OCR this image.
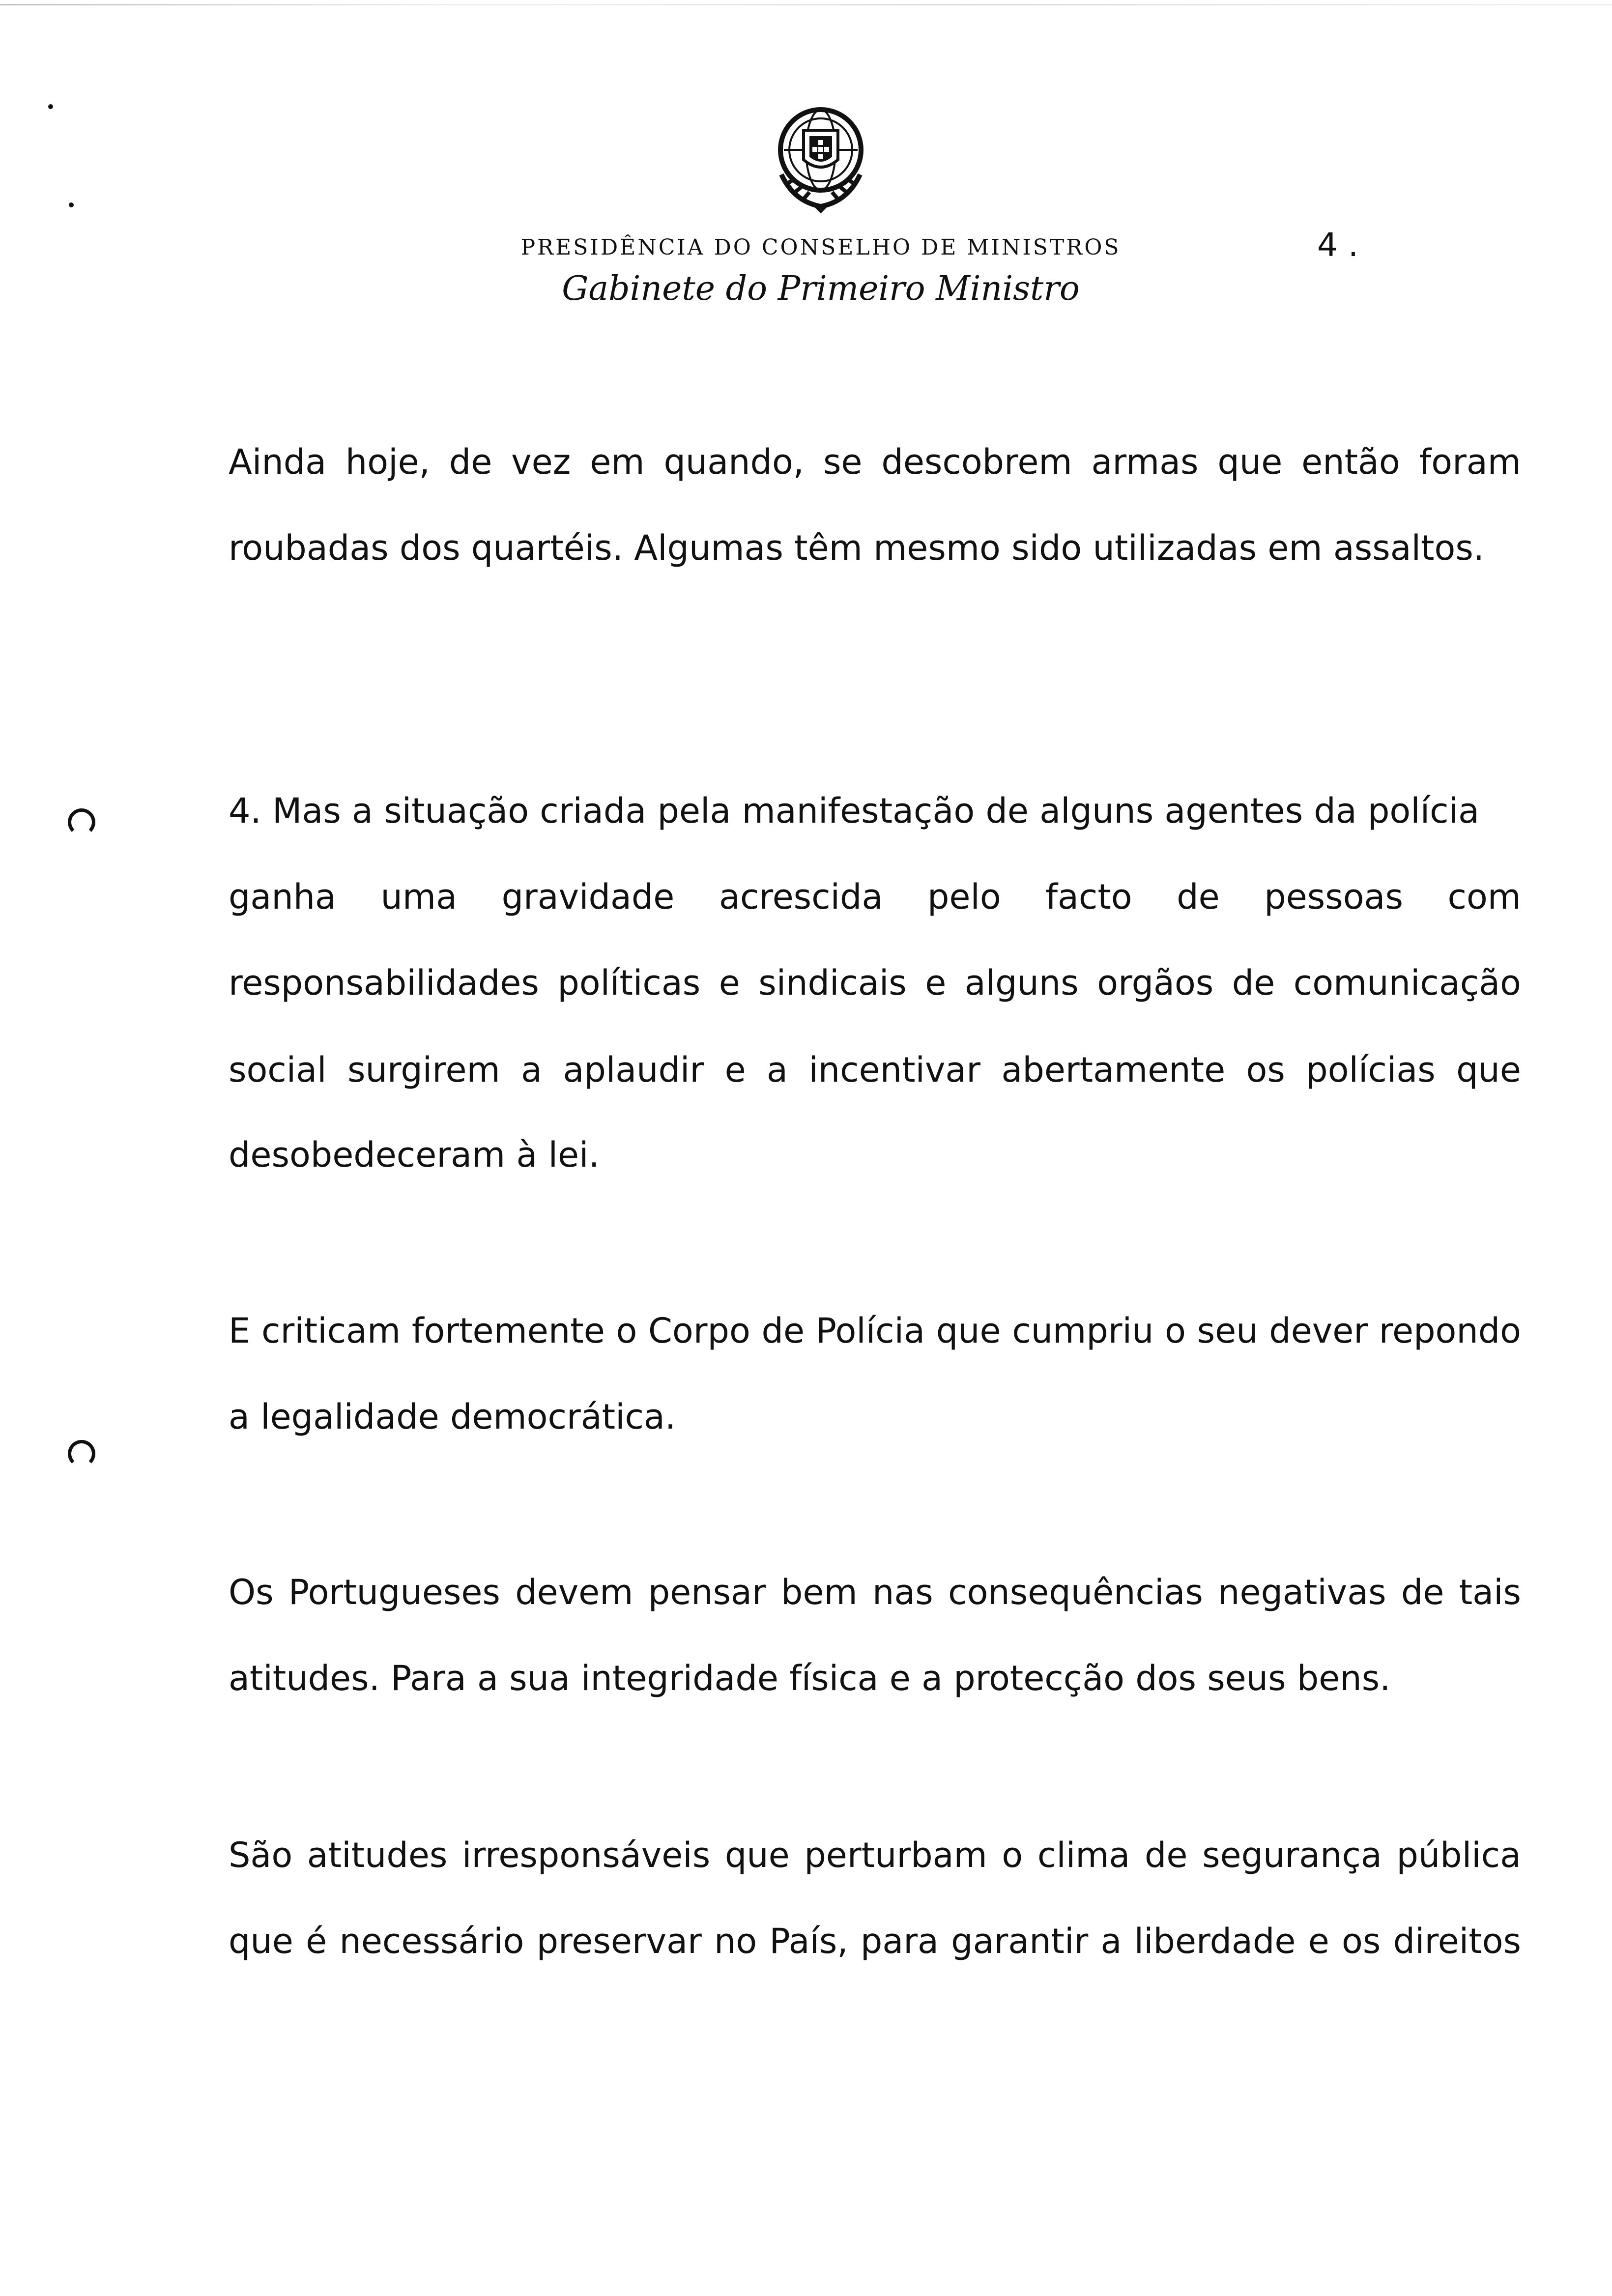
PRESIDÊNCIA DO CONSELHO DE MINISTROS	4 .
Gabinete do Primeiro Ministro
Ainda hoje, de vez em quando, se descobrem armas que então foram
roubadas dos quartéis. Algumas têm mesmo sido utilizadas em assaltos.
4. Mas a situação criada pela manifestação de alguns agentes da polícia
ganha uma gravidade acrescida pelo facto de pessoas com
responsabilidades políticas e sindicais e alguns orgãos de comunicação
social surgirem a aplaudir e a incentivar abertamente os polícias que
desobedeceram à lei.
E criticam fortemente o Corpo de Polícia que cumpriu o seu dever repondo
a legalidade democrática.
Os Portugueses devem pensar bem nas consequências negativas de tais
atitudes. Para a sua integridade física e a protecção dos seus bens.
São atitudes irresponsáveis que perturbam o clima de segurança pública
que é necessário preservar no País, para garantir a liberdade e os direitos
